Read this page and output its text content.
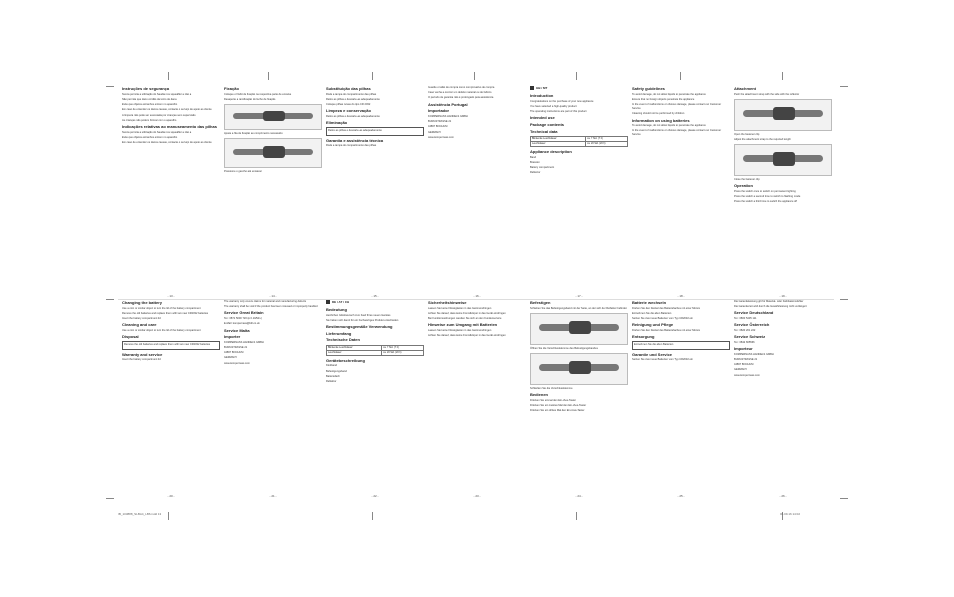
Instruções de segurança

Nunca permita a utilização do Saudia nos squealfler a não a

Não permita que dano cordão da tonto de dana

Evite que objetos estranhos entrem no aparelho

Em caso de entender os danos causas, contacte o serviço de apoio ao cliente

A limpeza não pode ser executada por crianças sem supervisão

As crianças não podem brincar com o aparelho

Indicações relativas ao manuseamento das pilhas

Nunca permita a utilização do Saudia nos squealfler a não a

Evite que objetos estranhos entrem no aparelho

Em caso de entender os danos causas, contacte o serviço de apoio ao cliente

- 13 -
Fixação

Coloque o fitsbit de fixação na respectiva parte de encaixe

Desaperte a ramificação do fecho de fixação

Ajuste a fita de fixação ao comprimento necessário

Pressione o gancho até encaixar

- 14 -
Substituição das pilhas

Rode a tampa do compartimento das pilhas

Retire as pilhas e descarte-as adequadamente

Coloque pilhas novas do tipo CR 2032

Limpeza e conservação

Retire as pilhas e descarte-as adequadamente

Eliminação

Retire as pilhas e descarte-as adequadamente

Garantia e assistência técnica

Rode a tampa do compartimento das pilhas

- 15 -

Guarde o talão de compra como comprovativo de compra

Caso venha a ocorrer um defeito material ou de fabrico

O período de garantia não é prolongado pela assistência

Assistência Portugal
Importador

KOMPERNASS HANDELS GMBH

BURGSTRASSE 21

44867 BOCHUM

GERMANY

www.kompernass.com

- 16 -
GB / MT
Introduction

Congratulations on the purchase of your new appliance

You have selected a high-quality product

The operating instructions are part of this product

Intended use
Package contents
Technical data
Blinkende Leuchtdauer:	ca. 7 Std. (7 h)
Leuchtdauer:	ca. 20 Std. (20 h)
Appliance description

Band

Bracelet

Battery compartment

Reflector

- 17 -
Safety guidelines

To avoid damage, do not allow liquids to penetrate the appliance

Ensure that no foreign objects penetrate the appliance

In the event of malfunctions or obvious damage, please contact our Customer Service

Cleaning should not be performed by children

Information on using batteries

To avoid damage, do not allow liquids to penetrate the appliance

In the event of malfunctions or obvious damage, please contact our Customer Service

- 18 -
Attachment

Push the attachment strap with the side with the reflector

Open the fastener clip

Adjust the attachment strap to the required length

Close the fastener clip

Operation

Press the switch once to switch on permanent lighting

Press the switch a second time to switch to flashing mode

Press the switch a third time to switch the appliance off

- 19 -
Changing the battery

Use a coin or similar object to turn the lid of the battery compartment

Remove the old batteries and replace them with two new CR2032 batteries

Insert the battery compartment lid

Cleaning and care

Use a coin or similar object to turn the lid of the battery compartment

Disposal

Remove the old batteries and replace them with two new CR2032 batteries

Warranty and service

Insert the battery compartment lid

- 20 -

The warranty only covers claims for material and manufacturing defects

The warranty shall be void if the product has been misused or improperly handled

Service Great Britain

Tel.: 0871 5000 720 (£ 0.10/Min.)

E-Mail: kompernass@lidl.co.uk

Service Malta
Importer

KOMPERNASS HANDELS GMBH

BURGSTRASSE 21

44867 BOCHUM

GERMANY

www.kompernass.com

- 21 -
DE / AT / CH
Bedeutung

Herzlichen Glückwunsch zum Kauf Ihres neuen Gerätes

Sie haben sich damit für ein hochwertiges Produkt entschieden

Bestimmungsgemäße Verwendung
Lieferumfang
Technische Daten
Blinkende Leuchtdauer:	ca. 7 Std. (7 h)
Leuchtdauer:	ca. 20 Std. (20 h)
Gerätebeschreibung

Klettband

Befestigungsband

Batteriefach

Reflektor

- 22 -
Sicherheitshinweise

Lassen Sie keine Flüssigkeiten in das Gerät eindringen

Achten Sie darauf, dass keine Fremdkörper in das Gerät eindringen

Bei Funktionsstörungen wenden Sie sich an den Kundenservice

Hinweise zum Umgang mit Batterien

Lassen Sie keine Flüssigkeiten in das Gerät eindringen

Achten Sie darauf, dass keine Fremdkörper in das Gerät eindringen

- 23 -
Befestigen

Schieben Sie das Befestigungsband mit der Seite, an der sich der Reflektor befindet

Öffnen Sie die Verschlussklemme des Befestigungsbandes

Schließen Sie die Verschlussklemme

Bedienen

Drücken Sie einmal den Ein-/Aus-Taster

Drücken Sie ein zweites Mal den Ein-/Aus-Taster

Drücken Sie ein drittes Mal den Ein-/Aus-Taster

- 24 -
Batterie wechseln

Drehen Sie den Deckel des Batteriefaches mit einer Münze

Entnehmen Sie die alten Batterien

Setzen Sie zwei neue Batterien vom Typ CR2032 ein

Reinigung und Pflege

Drehen Sie den Deckel des Batteriefaches mit einer Münze

Entsorgung

Entnehmen Sie die alten Batterien

Garantie und Service

Setzen Sie zwei neue Batterien vom Typ CR2032 ein

- 25 -

Die Garantieleistung gilt für Material- oder Fabrikationsfehler

Die Garantiezeit wird durch die Gewährleistung nicht verlängert

Service Deutschland

Tel.: 0800 5435 111

Service Österreich

Tel.: 0820 201 222

Service Schweiz

Tel.: 0842 665566

Importeur

KOMPERNASS HANDELS GMBH

BURGSTRASSE 21

44867 BOCHUM

GERMANY

www.kompernass.com

- 26 -
IB_103888_SLBA4_LB6.indd 13	06.09.16 14:02
